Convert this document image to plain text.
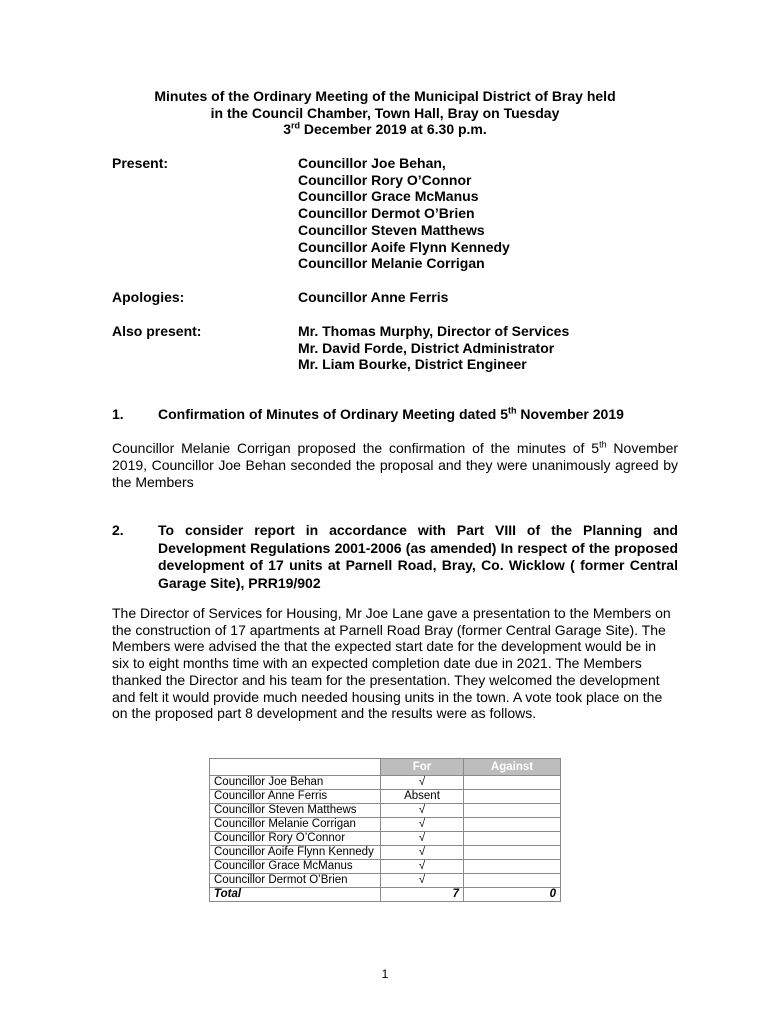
Minutes of the Ordinary Meeting of the Municipal District of Bray held
in the Council Chamber, Town Hall, Bray on Tuesday
3rd December 2019 at 6.30 p.m.
Present:	Councillor Joe Behan,
Councillor Rory O’Connor
Councillor Grace McManus
Councillor Dermot O’Brien
Councillor Steven Matthews
Councillor Aoife Flynn Kennedy
Councillor Melanie Corrigan
Apologies:	Councillor Anne Ferris
Also present:	Mr. Thomas Murphy, Director of Services
Mr. David Forde, District Administrator
Mr. Liam Bourke, District Engineer
1. Confirmation of Minutes of Ordinary Meeting dated 5th November 2019
Councillor Melanie Corrigan proposed the confirmation of the minutes of 5th November 2019, Councillor Joe Behan seconded the proposal and they were unanimously agreed by the Members
2. To consider report in accordance with Part VIII of the Planning and Development Regulations 2001-2006 (as amended) In respect of the proposed development of 17 units at Parnell Road, Bray, Co. Wicklow ( former Central Garage Site), PRR19/902
The Director of Services for Housing, Mr Joe Lane gave a presentation to the Members on the construction of 17 apartments at Parnell Road Bray (former Central Garage Site). The Members were advised the that the expected start date for the development would be in six to eight months time with an expected completion date due in 2021. The Members thanked the Director and his team for the presentation. They welcomed the development and felt it would provide much needed housing units in the town. A vote took place on the on the proposed part 8 development and the results were as follows.
	For	Against
Councillor Joe Behan	√	
Councillor Anne Ferris	Absent	
Councillor Steven Matthews	√	
Councillor Melanie Corrigan	√	
Councillor Rory O’Connor	√	
Councillor Aoife Flynn Kennedy	√	
Councillor Grace McManus	√	
Councillor Dermot O’Brien	√	
Total	7	0
1
